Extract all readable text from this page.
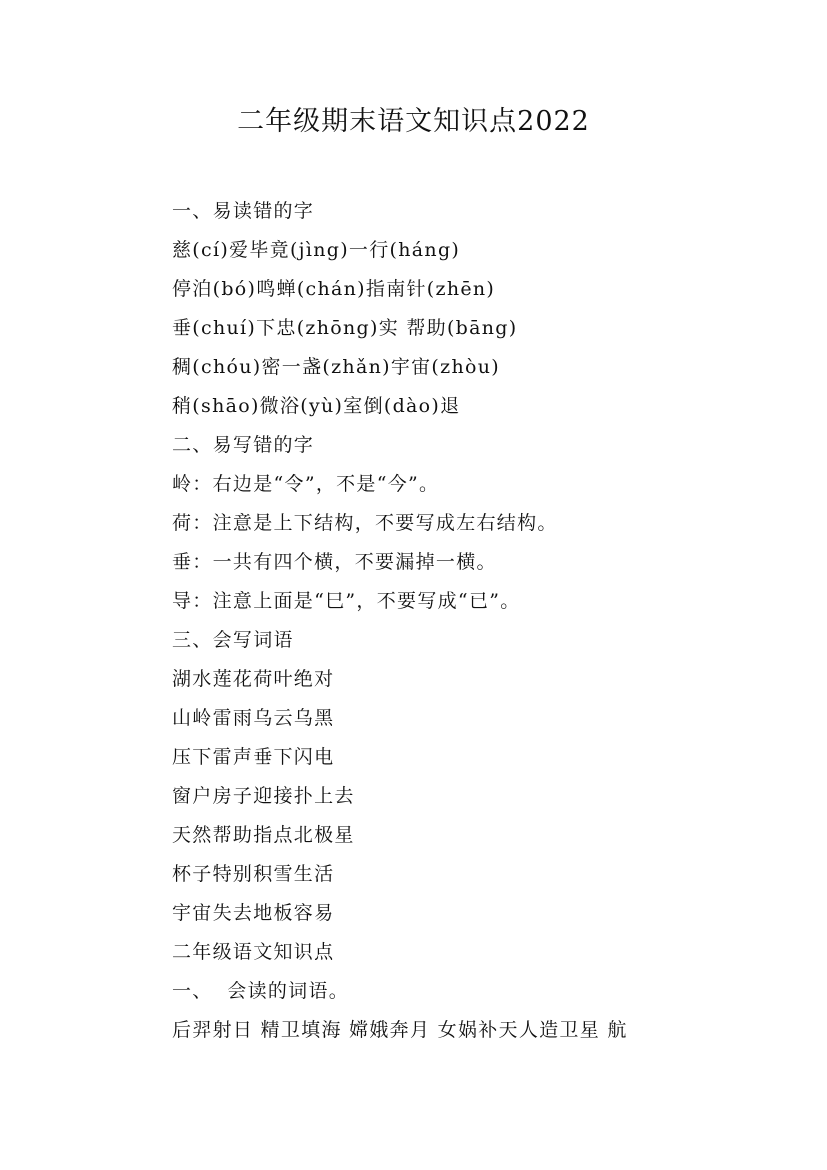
二年级期末语文知识点2022
一、易读错的字
慈(cí)爱毕竟(jìng)一行(háng)
停泊(bó)鸣蝉(chán)指南针(zhēn)
垂(chuí)下忠(zhōng)实 帮助(bāng)
稠(chóu)密一盏(zhǎn)宇宙(zhòu)
稍(shāo)微浴(yù)室倒(dào)退
二、易写错的字
岭：右边是“令”，不是“今”。
荷：注意是上下结构，不要写成左右结构。
垂：一共有四个横，不要漏掉一横。
导：注意上面是“巳”，不要写成“已”。
三、会写词语
湖水莲花荷叶绝对
山岭雷雨乌云乌黑
压下雷声垂下闪电
窗户房子迎接扑上去
天然帮助指点北极星
杯子特别积雪生活
宇宙失去地板容易
二年级语文知识点
一、  会读的词语。
后羿射日 精卫填海 嫦娥奔月 女娲补天人造卫星 航
